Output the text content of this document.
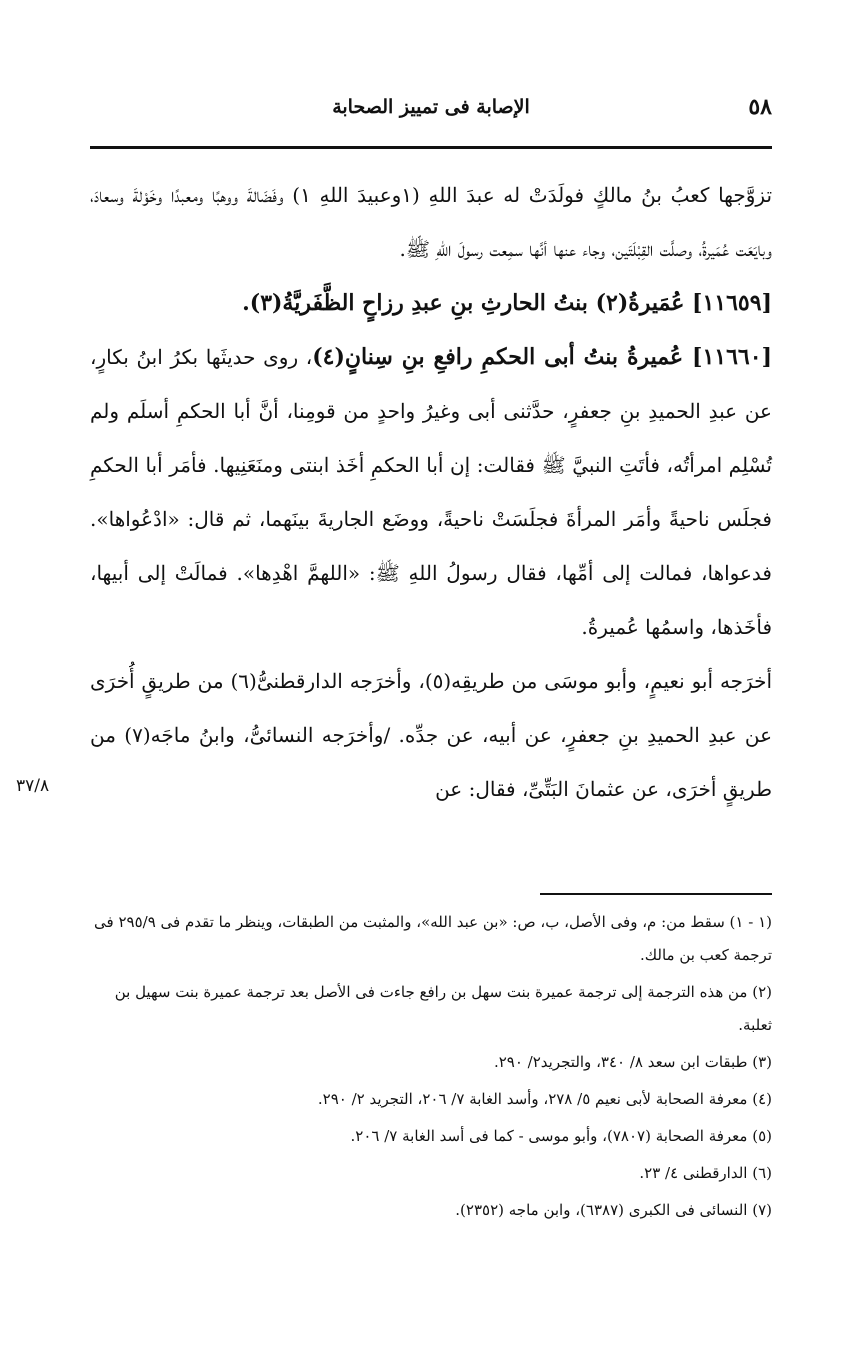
٥٨
الإصابة فى تمييز الصحابة

تزوَّجها كعبُ بنُ مالكٍ فولَدَتْ له عبدَ اللهِ (١وعبيدَ اللهِ ١) وفَضَالةَ ووهبًا ومعبدًا وخَوْلةَ وسعادَ، وبايَعَت عُمَيرةُ، وصلَّت القِبْلَتَين، وجاء عنها أنَّها سمِعت رسولَ اللهِ ﷺ.

[١١٦٥٩] عُمَيرةُ(٢) بنتُ الحارثِ بنِ عبدِ رزاحٍ الظَّفَريَّةُ(٣).

[١١٦٦٠] عُميرةُ بنتُ أبى الحكمِ رافعِ بنِ سِنانٍ(٤)، روى حديثَها بكرُ ابنُ بكارٍ، عن عبدِ الحميدِ بنِ جعفرٍ، حدَّثنى أبى وغيرُ واحدٍ من قومِنا، أنَّ أبا الحكمِ أسلَم ولم تُسْلِم امرأتُه، فأتَتِ النبيَّ ﷺ فقالت: إن أبا الحكمِ أخَذ ابنتى ومنَعَنِيها. فأمَر أبا الحكمِ فجلَس ناحيةً وأمَر المرأةَ فجلَسَتْ ناحيةً، ووضَع الجاريةَ بينَهما، ثم قال: «ادْعُواها». فدعواها، فمالت إلى أمِّها، فقال رسولُ اللهِ ﷺ: «اللهمَّ اهْدِها». فمالَتْ إلى أبيها، فأخَذها، واسمُها عُميرةُ.

أخرَجه أبو نعيمٍ، وأبو موسَى من طريقِه(٥)، وأخرَجه الدارقطنىُّ(٦) من طريقٍ أُخرَى عن عبدِ الحميدِ بنِ جعفرٍ، عن أبيه، عن جدِّه. /وأخرَجه النسائىُّ، وابنُ ماجَه(٧) من طريقٍ أخرَى، عن عثمانَ البَتِّىِّ، فقال: عن

٣٧/٨
(١ - ١) سقط من: م، وفى الأصل، ب، ص: «بن عبد الله»، والمثبت من الطبقات، وينظر ما تقدم فى ٢٩٥/٩ فى ترجمة كعب بن مالك.
(٢) من هذه الترجمة إلى ترجمة عميرة بنت سهل بن رافع جاءت فى الأصل بعد ترجمة عميرة بنت سهيل بن ثعلبة.
(٣) طبقات ابن سعد ٨/ ٣٤٠، والتجريد٢/ ٢٩٠.
(٤) معرفة الصحابة لأبى نعيم ٥/ ٢٧٨، وأسد الغابة ٧/ ٢٠٦، التجريد ٢/ ٢٩٠.
(٥) معرفة الصحابة (٧٨٠٧)، وأبو موسى - كما فى أسد الغابة ٧/ ٢٠٦.
(٦) الدارقطنى ٤/ ٢٣.
(٧) النسائى فى الكبرى (٦٣٨٧)، وابن ماجه (٢٣٥٢).
